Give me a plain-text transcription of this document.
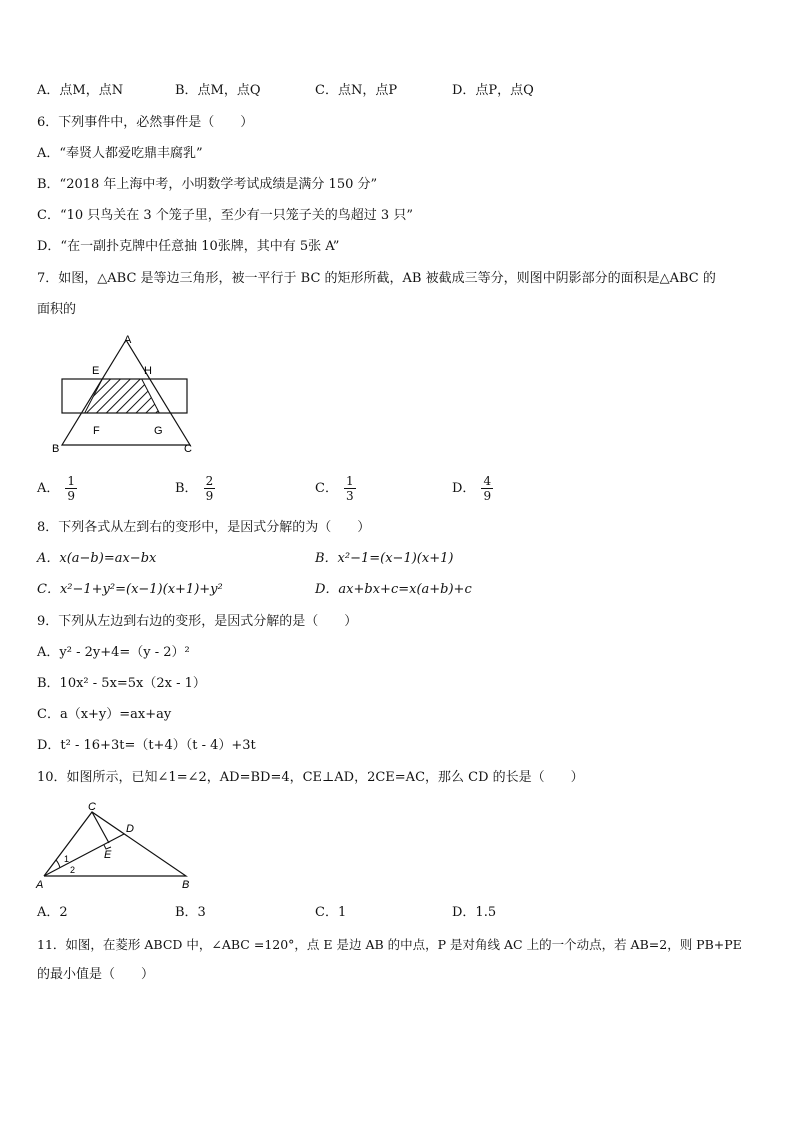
A．点M，点N	B．点M，点Q	C．点N，点P	D．点P，点Q
6．下列事件中，必然事件是（　　）
A．“奉贤人都爱吃鼎丰腐乳”
B．“2018 年上海中考，小明数学考试成绩是满分 150 分”
C．“10 只鸟关在 3 个笼子里，至少有一只笼子关的鸟超过 3 只”
D．“在一副扑克牌中任意抽 10张牌，其中有 5张 A”
7．如图，△ABC 是等边三角形，被一平行于 BC 的矩形所截，AB 被截成三等分，则图中阴影部分的面积是△ABC 的
面积的
A
E	H
F	G
B	C
A． $\frac{1}{9}$	B． $\frac{2}{9}$	C． $\frac{1}{3}$	D． $\frac{4}{9}$
8．下列各式从左到右的变形中，是因式分解的为（　　）
A．x(a−b)=ax−bx	B．x²−1=(x−1)(x+1)
C．x²−1+y²=(x−1)(x+1)+y²	D．ax+bx+c=x(a+b)+c
9．下列从左边到右边的变形，是因式分解的是（　　）
A．y² - 2y+4=（y - 2）²
B．10x² - 5x=5x（2x - 1）
C．a（x+y）=ax+ay
D．t² - 16+3t=（t+4）（t - 4）+3t
10．如图所示，已知∠1=∠2，AD=BD=4，CE⊥AD，2CE=AC，那么 CD 的长是（　　）
C
D
E
A	B
1
2
A．2	B．3	C．1	D．1.5
11．如图，在菱形 ABCD 中，∠ABC =120°，点 E 是边 AB 的中点，P 是对角线 AC 上的一个动点，若 AB=2，则 PB+PE
的最小值是（　　）
